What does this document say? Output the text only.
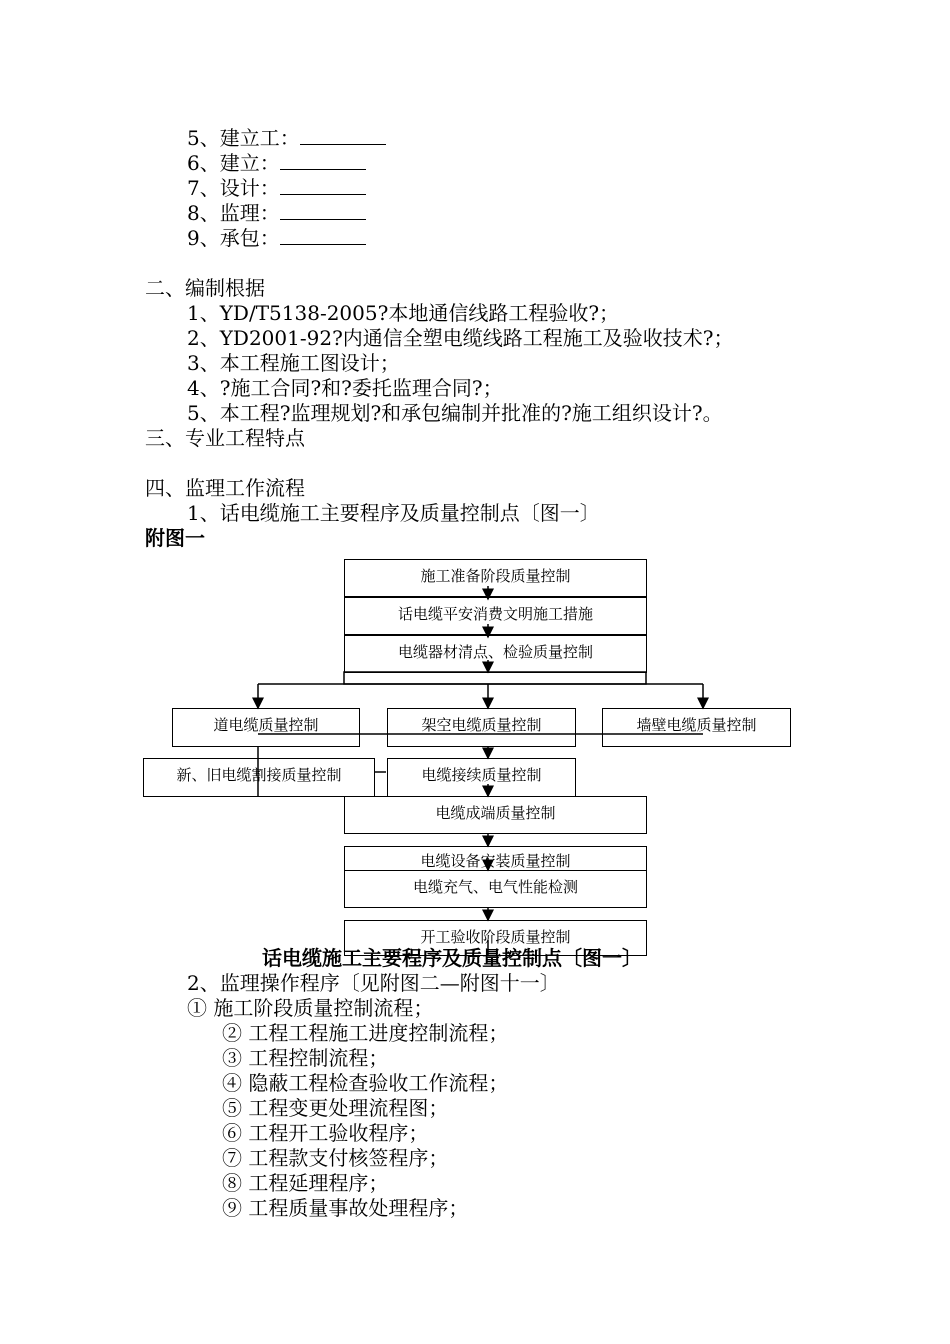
5、建立工：
6、建立：
7、设计：
8、监理：
9、承包：
二、编制根据
1、YD/T5138-2005?本地通信线路工程验收?；
2、YD2001-92?内通信全塑电缆线路工程施工及验收技术?；
3、本工程施工图设计；
4、?施工合同?和?委托监理合同?；
5、本工程?监理规划?和承包编制并批准的?施工组织设计?。
三、专业工程特点
四、监理工作流程
1、话电缆施工主要程序及质量控制点〔图一〕
附图一
施工准备阶段质量控制
话电缆平安消费文明施工措施
电缆器材清点、检验质量控制
道电缆质量控制	架空电缆质量控制	墙壁电缆质量控制
新、旧电缆割接质量控制	电缆接续质量控制
电缆成端质量控制
电缆设备安装质量控制
电缆充气、电气性能检测
开工验收阶段质量控制
话电缆施工主要程序及质量控制点〔图一〕
2、监理操作程序〔见附图二—附图十一〕
① 施工阶段质量控制流程；
② 工程工程施工进度控制流程；
③ 工程控制流程；
④ 隐蔽工程检查验收工作流程；
⑤ 工程变更处理流程图；
⑥ 工程开工验收程序；
⑦ 工程款支付核签程序；
⑧ 工程延理程序；
⑨ 工程质量事故处理程序；
